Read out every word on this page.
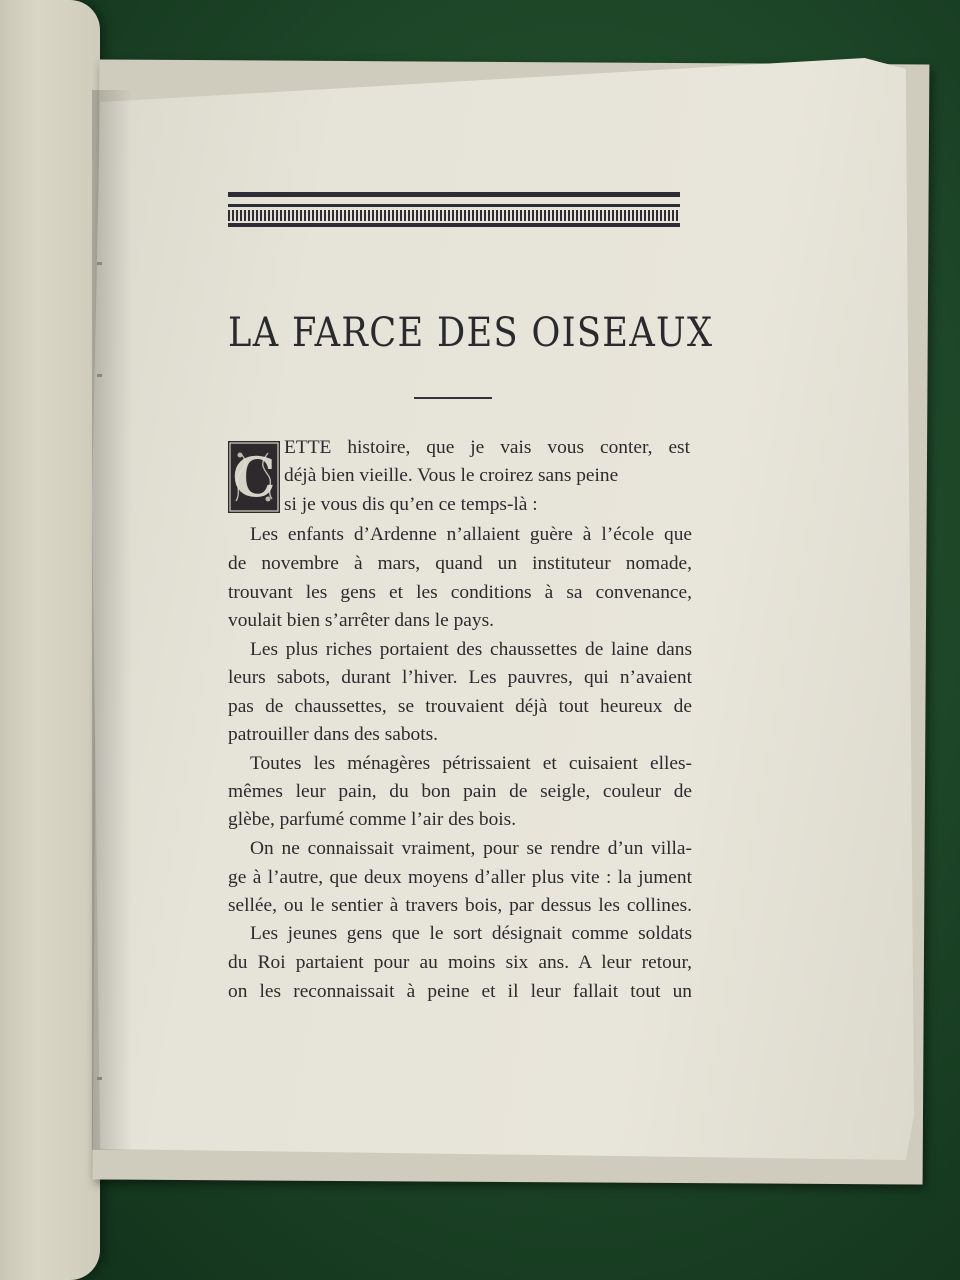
LA FARCE DES OISEAUX
C ETTE histoire, que je vais vous conter, est
déjà bien vieille. Vous le croirez sans peine
si je vous dis qu’en ce temps-là :
Les enfants d’Ardenne n’allaient guère à l’école que
de novembre à mars, quand un instituteur nomade,
trouvant les gens et les conditions à sa convenance,
voulait bien s’arrêter dans le pays.
Les plus riches portaient des chaussettes de laine dans
leurs sabots, durant l’hiver. Les pauvres, qui n’avaient
pas de chaussettes, se trouvaient déjà tout heureux de
patrouiller dans des sabots.
Toutes les ménagères pétrissaient et cuisaient elles-
mêmes leur pain, du bon pain de seigle, couleur de
glèbe, parfumé comme l’air des bois.
On ne connaissait vraiment, pour se rendre d’un villa-
ge à l’autre, que deux moyens d’aller plus vite : la jument
sellée, ou le sentier à travers bois, par dessus les collines.
Les jeunes gens que le sort désignait comme soldats
du Roi partaient pour au moins six ans. A leur retour,
on les reconnaissait à peine et il leur fallait tout un
